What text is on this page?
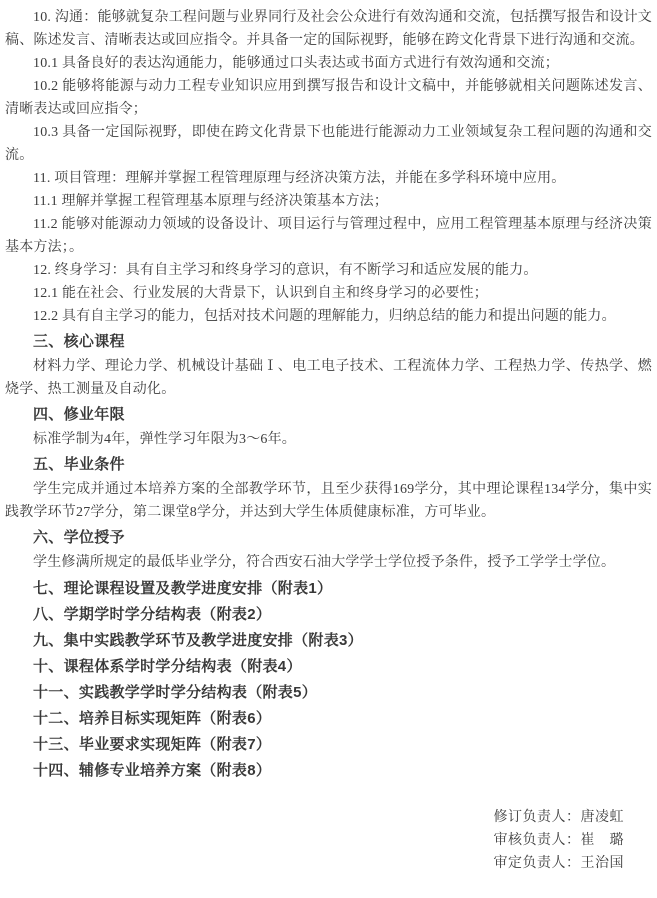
10. 沟通：能够就复杂工程问题与业界同行及社会公众进行有效沟通和交流，包括撰写报告和设计文稿、陈述发言、清晰表达或回应指令。并具备一定的国际视野，能够在跨文化背景下进行沟通和交流。

10.1 具备良好的表达沟通能力，能够通过口头表达或书面方式进行有效沟通和交流；

10.2 能够将能源与动力工程专业知识应用到撰写报告和设计文稿中，并能够就相关问题陈述发言、清晰表达或回应指令；

10.3 具备一定国际视野，即使在跨文化背景下也能进行能源动力工业领域复杂工程问题的沟通和交流。

11. 项目管理：理解并掌握工程管理原理与经济决策方法，并能在多学科环境中应用。

11.1 理解并掌握工程管理基本原理与经济决策基本方法；

11.2 能够对能源动力领域的设备设计、项目运行与管理过程中，应用工程管理基本原理与经济决策基本方法；。

12. 终身学习：具有自主学习和终身学习的意识，有不断学习和适应发展的能力。

12.1 能在社会、行业发展的大背景下，认识到自主和终身学习的必要性；

12.2 具有自主学习的能力，包括对技术问题的理解能力，归纳总结的能力和提出问题的能力。

三、核心课程

材料力学、理论力学、机械设计基础Ⅰ、电工电子技术、工程流体力学、工程热力学、传热学、燃烧学、热工测量及自动化。

四、修业年限

标准学制为4年，弹性学习年限为3～6年。

五、毕业条件

学生完成并通过本培养方案的全部教学环节，且至少获得169学分，其中理论课程134学分，集中实践教学环节27学分，第二课堂8学分，并达到大学生体质健康标准，方可毕业。

六、学位授予

学生修满所规定的最低毕业学分，符合西安石油大学学士学位授予条件，授予工学学士学位。

七、理论课程设置及教学进度安排（附表1）
八、学期学时学分结构表（附表2）
九、集中实践教学环节及教学进度安排（附表3）
十、课程体系学时学分结构表（附表4）
十一、实践教学学时学分结构表（附表5）
十二、培养目标实现矩阵（附表6）
十三、毕业要求实现矩阵（附表7）
十四、辅修专业培养方案（附表8）

修订负责人：唐凌虹

审核负责人：崔　璐

审定负责人：王治国
